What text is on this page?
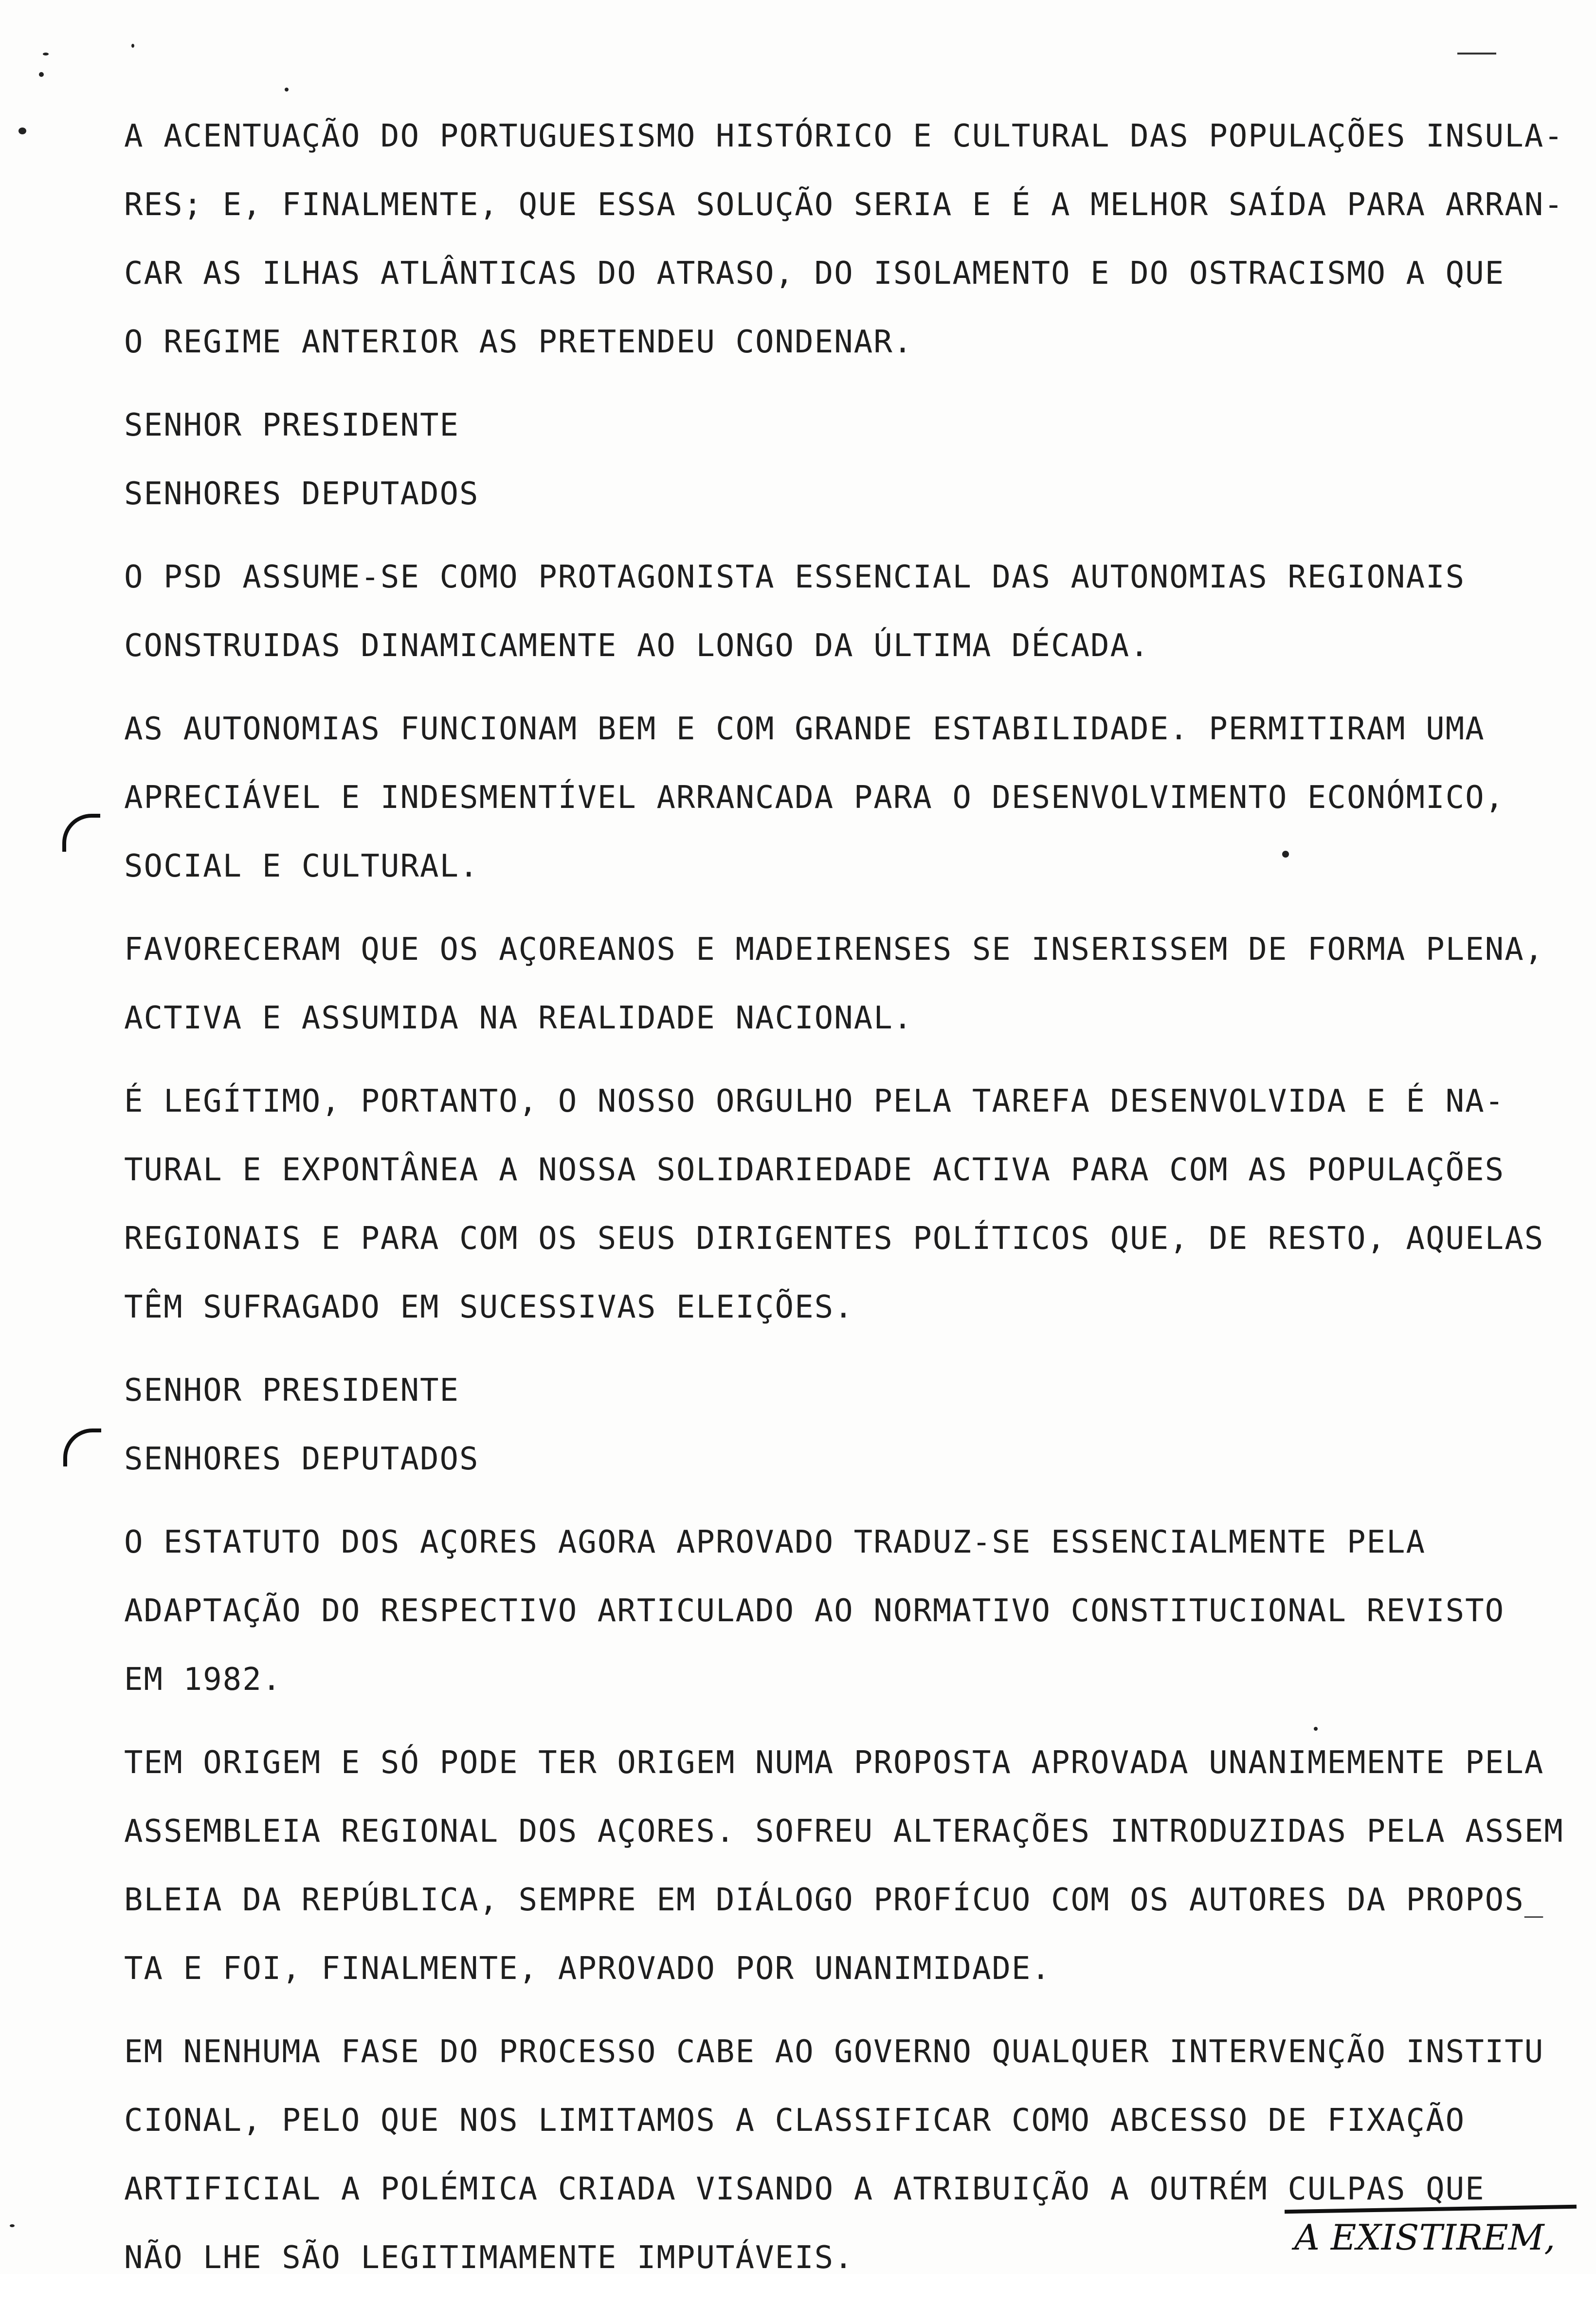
A ACENTUAÇÃO DO PORTUGUESISMO HISTÓRICO E CULTURAL DAS POPULAÇÕES INSULA-
RES; E, FINALMENTE, QUE ESSA SOLUÇÃO SERIA E É A MELHOR SAÍDA PARA ARRAN-
CAR AS ILHAS ATLÂNTICAS DO ATRASO, DO ISOLAMENTO E DO OSTRACISMO A QUE
O REGIME ANTERIOR AS PRETENDEU CONDENAR.
SENHOR PRESIDENTE
SENHORES DEPUTADOS
O PSD ASSUME-SE COMO PROTAGONISTA ESSENCIAL DAS AUTONOMIAS REGIONAIS
CONSTRUIDAS DINAMICAMENTE AO LONGO DA ÚLTIMA DÉCADA.
AS AUTONOMIAS FUNCIONAM BEM E COM GRANDE ESTABILIDADE. PERMITIRAM UMA
APRECIÁVEL E INDESMENTÍVEL ARRANCADA PARA O DESENVOLVIMENTO ECONÓMICO,
SOCIAL E CULTURAL.
FAVORECERAM QUE OS AÇOREANOS E MADEIRENSES SE INSERISSEM DE FORMA PLENA,
ACTIVA E ASSUMIDA NA REALIDADE NACIONAL.
É LEGÍTIMO, PORTANTO, O NOSSO ORGULHO PELA TAREFA DESENVOLVIDA E É NA-
TURAL E EXPONTÂNEA A NOSSA SOLIDARIEDADE ACTIVA PARA COM AS POPULAÇÕES
REGIONAIS E PARA COM OS SEUS DIRIGENTES POLÍTICOS QUE, DE RESTO, AQUELAS
TÊM SUFRAGADO EM SUCESSIVAS ELEIÇÕES.
SENHOR PRESIDENTE
SENHORES DEPUTADOS
O ESTATUTO DOS AÇORES AGORA APROVADO TRADUZ-SE ESSENCIALMENTE PELA
ADAPTAÇÃO DO RESPECTIVO ARTICULADO AO NORMATIVO CONSTITUCIONAL REVISTO
EM 1982.
TEM ORIGEM E SÓ PODE TER ORIGEM NUMA PROPOSTA APROVADA UNANIMEMENTE PELA
ASSEMBLEIA REGIONAL DOS AÇORES. SOFREU ALTERAÇÕES INTRODUZIDAS PELA ASSEM
BLEIA DA REPÚBLICA, SEMPRE EM DIÁLOGO PROFÍCUO COM OS AUTORES DA PROPOS_
TA E FOI, FINALMENTE, APROVADO POR UNANIMIDADE.
EM NENHUMA FASE DO PROCESSO CABE AO GOVERNO QUALQUER INTERVENÇÃO INSTITU
CIONAL, PELO QUE NOS LIMITAMOS A CLASSIFICAR COMO ABCESSO DE FIXAÇÃO
ARTIFICIAL A POLÉMICA CRIADA VISANDO A ATRIBUIÇÃO A OUTRÉM CULPAS QUE
NÃO LHE SÃO LEGITIMAMENTE IMPUTÁVEIS.	A EXISTIREM,
